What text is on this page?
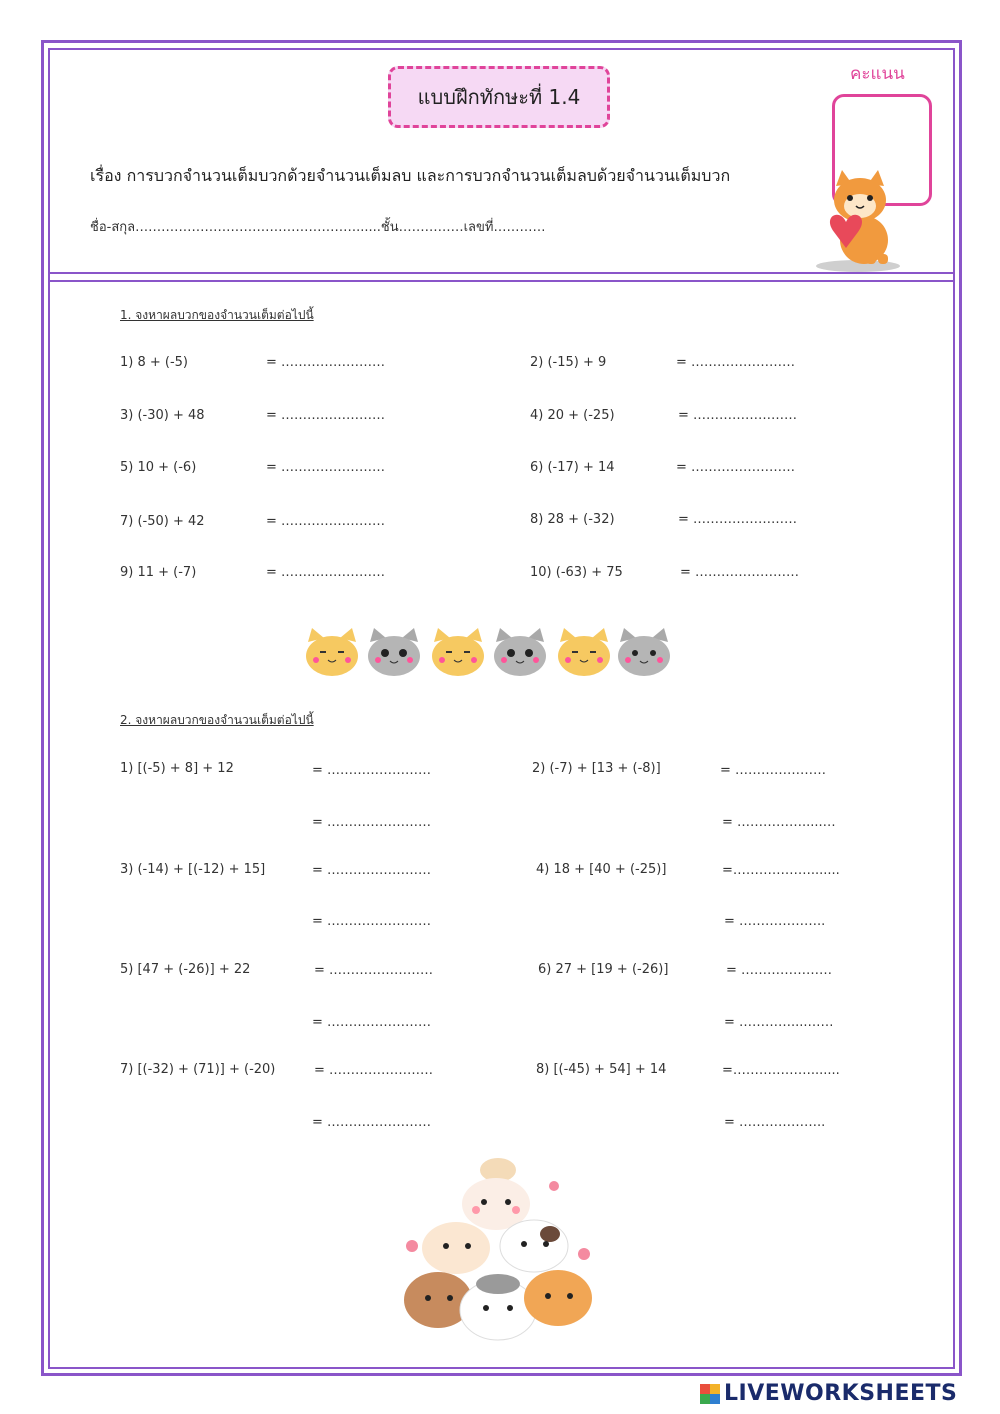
แบบฝึกทักษะที่ 1.4
คะแนน
เรื่อง การบวกจำนวนเต็มบวกด้วยจำนวนเต็มลบ และการบวกจำนวนเต็มลบด้วยจำนวนเต็มบวก
ชื่อ-สกุล……………………………………………......ชั้น……………เลขที่…………
1. จงหาผลบวกของจำนวนเต็มต่อไปนี้
1) 8 + (-5)	= ……………………	2) (-15) + 9	= ……………………
3) (-30) + 48	= ……………………	4) 20 + (-25)	= ……………………
5) 10 + (-6)	= ……………………	6) (-17) + 14	= ……………………
7) (-50) + 42	= ……………………	8) 28 + (-32)	= ……………………
9) 11 + (-7)	= ……………………	10) (-63) + 75	= ……………………
2. จงหาผลบวกของจำนวนเต็มต่อไปนี้
1) [(-5) + 8] + 12	= ……………………
= ……………………
2) (-7) + [13 + (-8)]	= …………………
= …………….....…
3) (-14) + [(-12) + 15]	= ……………………
= ……………………
4) 18 + [40 + (-25)]	=……………….......
= ………………..
5) [47 + (-26)] + 22	= ……………………
= ……………………
6) 27 + [19 + (-26)]	= …………………
= …………....……
7) [(-32) + (71)] + (-20)	= ……………………
= ……………………
8) [(-45) + 54] + 14	=……………….......
= ………………..
LIVEWORKSHEETS
